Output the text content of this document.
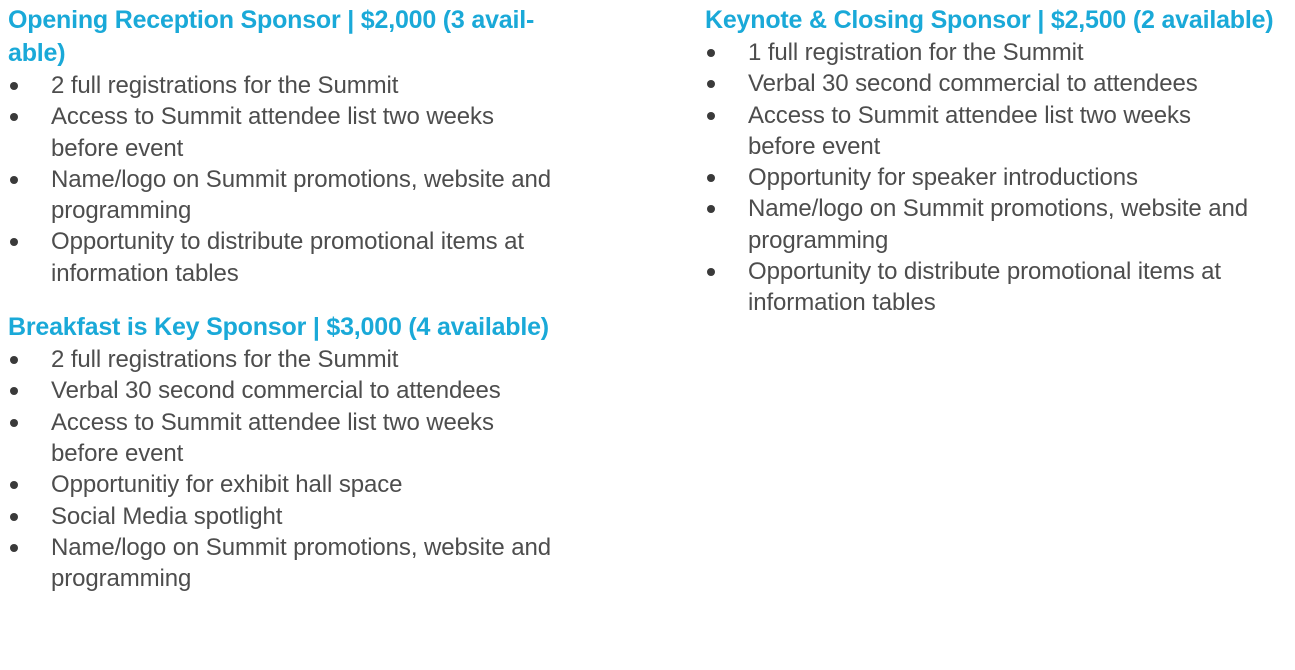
Opening Reception Sponsor | $2,000 (3 avail- able)
2 full registrations for the Summit
Access to Summit attendee list two weeks
before event
Name/logo on Summit promotions, website and
programming
Opportunity to distribute promotional items at
information tables
Breakfast is Key Sponsor | $3,000 (4 available)
2 full registrations for the Summit
Verbal 30 second commercial to attendees
Access to Summit attendee list two weeks
before event
Opportunitiy for exhibit hall space
Social Media spotlight
Name/logo on Summit promotions, website and
programming
Keynote & Closing Sponsor | $2,500 (2 available)
1 full registration for the Summit
Verbal 30 second commercial to attendees
Access to Summit attendee list two weeks
before event
Opportunity for speaker introductions
Name/logo on Summit promotions, website and
programming
Opportunity to distribute promotional items at
information tables
